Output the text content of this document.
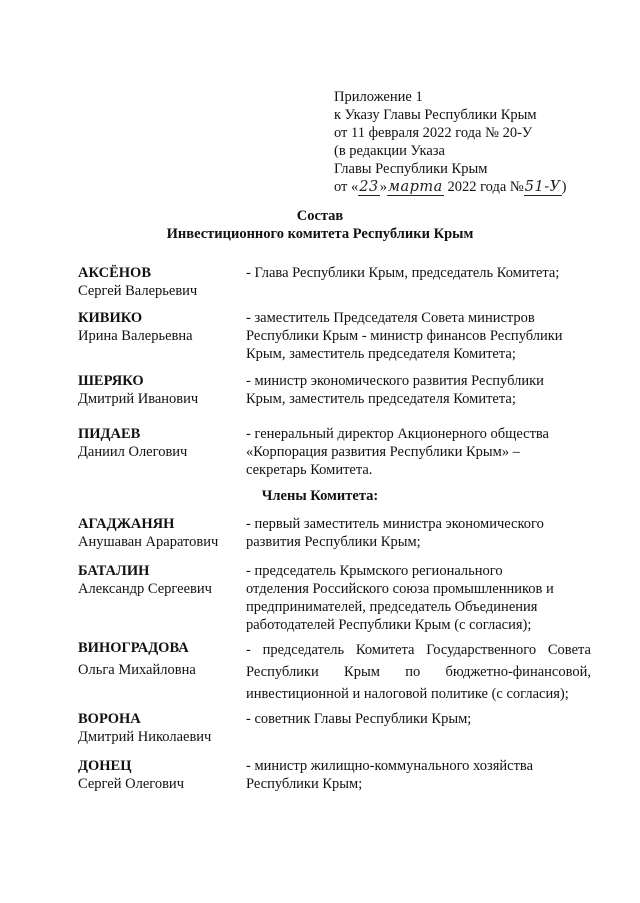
Приложение 1
к Указу Главы Республики Крым
от 11 февраля 2022 года № 20-У
(в редакции Указа
Главы Республики Крым
от «23»марта 2022 года №51-У)
Состав
Инвестиционного комитета Республики Крым
АКСЁНОВ
Сергей Валерьевич
- Глава Республики Крым, председатель Комитета;
КИВИКО
Ирина Валерьевна
- заместитель Председателя Совета министров
Республики Крым - министр финансов Республики
Крым, заместитель председателя Комитета;
ШЕРЯКО
Дмитрий Иванович
- министр экономического развития Республики
Крым, заместитель председателя Комитета;
ПИДАЕВ
Даниил Олегович
- генеральный директор Акционерного общества
«Корпорация развития Республики Крым» –
секретарь Комитета.
Члены Комитета:
АГАДЖАНЯН
Анушаван Араратович
- первый заместитель министра экономического
развития Республики Крым;
БАТАЛИН
Александр Сергеевич
- председатель Крымского регионального
отделения Российского союза промышленников и
предпринимателей, председатель Объединения
работодателей Республики Крым (с согласия);
ВИНОГРАДОВА
Ольга Михайловна
- председатель Комитета Государственного Совета
Республики Крым по бюджетно-финансовой,
инвестиционной и налоговой политике (с согласия);
ВОРОНА
Дмитрий Николаевич
- советник Главы Республики Крым;
ДОНЕЦ
Сергей Олегович
- министр жилищно-коммунального хозяйства
Республики Крым;
